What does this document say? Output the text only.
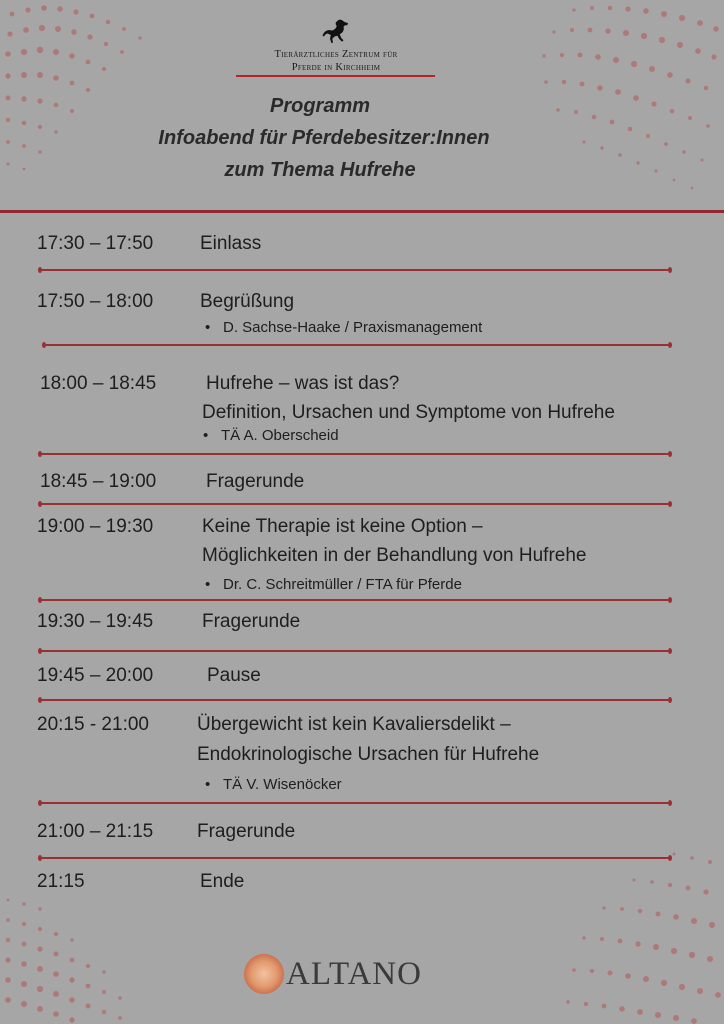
Tierärztliches Zentrum für
Pferde in Kirchheim
Programm
Infoabend für Pferdebesitzer:Innen
zum Thema Hufrehe
17:30 – 17:50 Einlass
17:50 – 18:00 Begrüßung
• D. Sachse-Haake / Praxismanagement
18:00 – 18:45	Hufrehe – was ist das?
Definition, Ursachen und Symptome von Hufrehe
• TÄ A. Oberscheid
18:45 – 19:00	Fragerunde
19:00 – 19:30	Keine Therapie ist keine Option –
Möglichkeiten in der Behandlung von Hufrehe
• Dr. C. Schreitmüller / FTA für Pferde
19:30 – 19:45	Fragerunde
19:45 – 20:00	Pause
20:15 - 21:00	Übergewicht ist kein Kavaliersdelikt –
Endokrinologische Ursachen für Hufrehe
• TÄ V. Wisenöcker
21:00 – 21:15 Fragerunde
21:15	Ende
ALTANO
